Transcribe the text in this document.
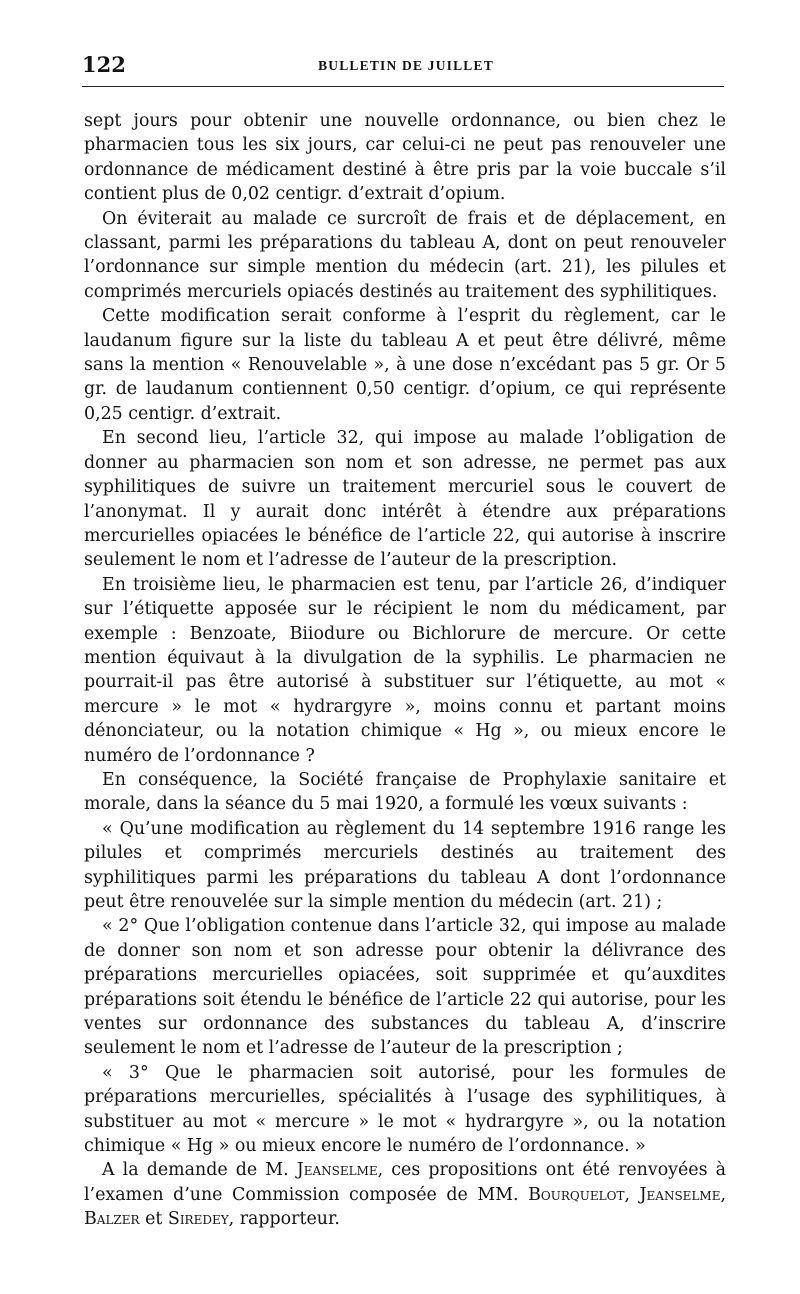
122	BULLETIN DE JUILLET

sept jours pour obtenir une nouvelle ordonnance, ou bien chez le pharmacien tous les six jours, car celui-ci ne peut pas renouveler une ordonnance de médicament destiné à être pris par la voie buccale s’il contient plus de 0,02 centigr. d’extrait d’opium.

On éviterait au malade ce surcroît de frais et de déplacement, en classant, parmi les préparations du tableau A, dont on peut renouveler l’ordonnance sur simple mention du médecin (art. 21), les pilules et comprimés mercuriels opiacés destinés au traitement des syphilitiques.

Cette modification serait conforme à l’esprit du règlement, car le laudanum figure sur la liste du tableau A et peut être délivré, même sans la mention « Renouvelable », à une dose n’excédant pas 5 gr. Or 5 gr. de laudanum contiennent 0,50 centigr. d’opium, ce qui représente 0,25 centigr. d’extrait.

En second lieu, l’article 32, qui impose au malade l’obligation de donner au pharmacien son nom et son adresse, ne permet pas aux syphilitiques de suivre un traitement mercuriel sous le couvert de l’anonymat. Il y aurait donc intérêt à étendre aux préparations mercurielles opiacées le bénéfice de l’article 22, qui autorise à inscrire seulement le nom et l’adresse de l’auteur de la prescription.

En troisième lieu, le pharmacien est tenu, par l’article 26, d’indiquer sur l’étiquette apposée sur le récipient le nom du médicament, par exemple : Benzoate, Biiodure ou Bichlorure de mercure. Or cette mention équivaut à la divulgation de la syphilis. Le pharmacien ne pourrait-il pas être autorisé à substituer sur l’étiquette, au mot « mercure » le mot « hydrargyre », moins connu et partant moins dénonciateur, ou la notation chimique « Hg », ou mieux encore le numéro de l’ordonnance ?

En conséquence, la Société française de Prophylaxie sanitaire et morale, dans la séance du 5 mai 1920, a formulé les vœux suivants :

« Qu’une modification au règlement du 14 septembre 1916 range les pilules et comprimés mercuriels destinés au traitement des syphilitiques parmi les préparations du tableau A dont l’ordonnance peut être renouvelée sur la simple mention du médecin (art. 21) ;

« 2° Que l’obligation contenue dans l’article 32, qui impose au malade de donner son nom et son adresse pour obtenir la délivrance des préparations mercurielles opiacées, soit supprimée et qu’auxdites préparations soit étendu le bénéfice de l’article 22 qui autorise, pour les ventes sur ordonnance des substances du tableau A, d’inscrire seulement le nom et l’adresse de l’auteur de la prescription ;

« 3° Que le pharmacien soit autorisé, pour les formules de préparations mercurielles, spécialités à l’usage des syphilitiques, à substituer au mot « mercure » le mot « hydrargyre », ou la notation chimique « Hg » ou mieux encore le numéro de l’ordonnance. »

A la demande de M. Jeanselme, ces propositions ont été renvoyées à l’examen d’une Commission composée de MM. Bourquelot, Jeanselme, Balzer et Siredey, rapporteur.
